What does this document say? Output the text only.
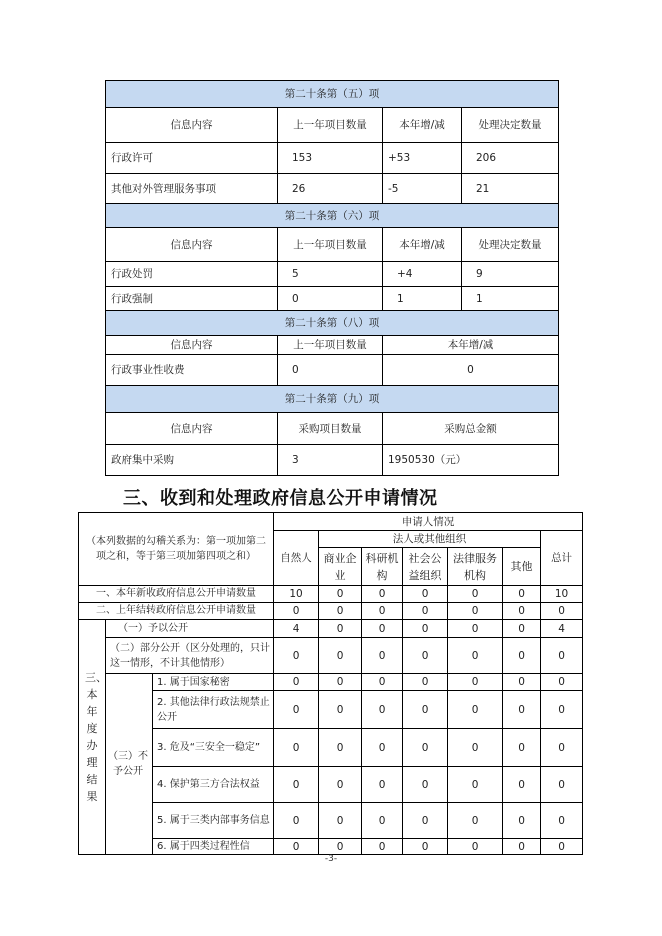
第二十条第（五）项			
信息内容	上一年项目数量	本年增/减	处理决定数量
行政许可	153	+53	206
其他对外管理服务事项	26	-5	21
第二十条第（六）项			
信息内容	上一年项目数量	本年增/减	处理决定数量
行政处罚	5	+4	9
行政强制	0	1	1
第二十条第（八）项			
信息内容	上一年项目数量	本年增/减	
行政事业性收费	0	0	
第二十条第（九）项			
信息内容	采购项目数量	采购总金额	
政府集中采购	3	1950530（元）	
三、收到和处理政府信息公开申请情况
（本列数据的勾稽关系为：第一项加第二项之和，等于第三项加第四项之和）			申请人情况						
			自然人	法人或其他组织					总计
				商业企业	科研机构	社会公益组织	法律服务机构	其他	
一、本年新收政府信息公开申请数量			10	0	0	0	0	0	10
二、上年结转政府信息公开申请数量			0	0	0	0	0	0	0
三、本年度办理结果	（一）予以公开		4	0	0	0	0	0	4
	（二）部分公开（区分处理的，只计这一情形，不计其他情形）		0	0	0	0	0	0	0
	（三）不予公开	1. 属于国家秘密	0	0	0	0	0	0	0
		2. 其他法律行政法规禁止公开	0	0	0	0	0	0	0
		3. 危及“三安全一稳定”	0	0	0	0	0	0	0
		4. 保护第三方合法权益	0	0	0	0	0	0	0
		5. 属于三类内部事务信息	0	0	0	0	0	0	0
		6. 属于四类过程性信	0	0	0	0	0	0	0
-3-
